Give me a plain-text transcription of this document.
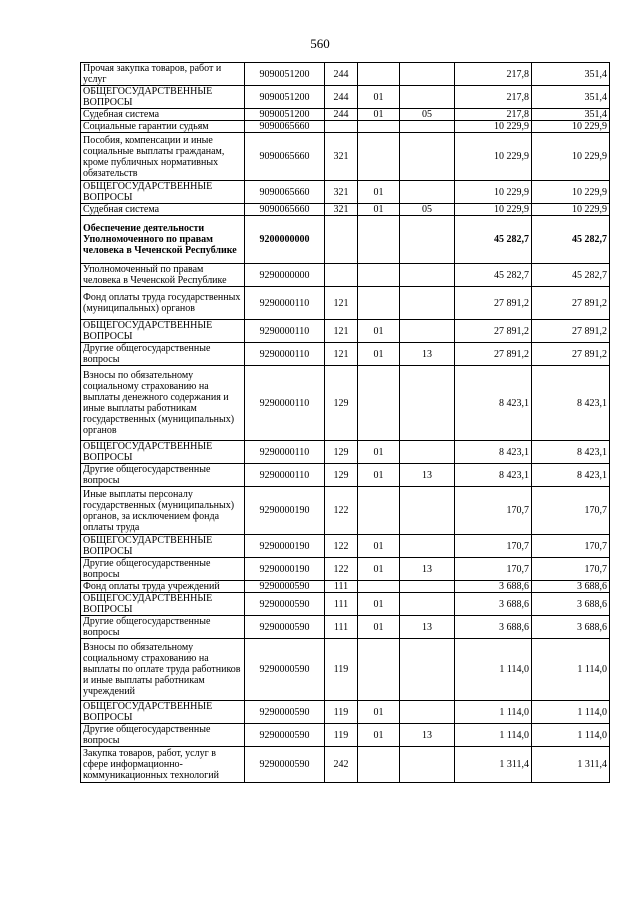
560
Прочая закупка товаров, работ и услуг	9090051200	244			217,8	351,4
ОБЩЕГОСУДАРСТВЕННЫЕ ВОПРОСЫ	9090051200	244	01		217,8	351,4
Судебная система	9090051200	244	01	05	217,8	351,4
Социальные гарантии судьям	9090065660				10 229,9	10 229,9
Пособия, компенсации и иные социальные выплаты гражданам, кроме публичных нормативных обязательств	9090065660	321			10 229,9	10 229,9
ОБЩЕГОСУДАРСТВЕННЫЕ ВОПРОСЫ	9090065660	321	01		10 229,9	10 229,9
Судебная система	9090065660	321	01	05	10 229,9	10 229,9
Обеспечение деятельности Уполномоченного по правам человека в Чеченской Республике	9200000000				45 282,7	45 282,7
Уполномоченный по правам человека в Чеченской Республике	9290000000				45 282,7	45 282,7
Фонд оплаты труда государственных (муниципальных) органов	9290000110	121			27 891,2	27 891,2
ОБЩЕГОСУДАРСТВЕННЫЕ ВОПРОСЫ	9290000110	121	01		27 891,2	27 891,2
Другие общегосударственные вопросы	9290000110	121	01	13	27 891,2	27 891,2
Взносы по обязательному социальному страхованию на выплаты денежного содержания и иные выплаты работникам государственных (муниципальных) органов	9290000110	129			8 423,1	8 423,1
ОБЩЕГОСУДАРСТВЕННЫЕ ВОПРОСЫ	9290000110	129	01		8 423,1	8 423,1
Другие общегосударственные вопросы	9290000110	129	01	13	8 423,1	8 423,1
Иные выплаты персоналу государственных (муниципальных) органов, за исключением фонда оплаты труда	9290000190	122			170,7	170,7
ОБЩЕГОСУДАРСТВЕННЫЕ ВОПРОСЫ	9290000190	122	01		170,7	170,7
Другие общегосударственные вопросы	9290000190	122	01	13	170,7	170,7
Фонд оплаты труда учреждений	9290000590	111			3 688,6	3 688,6
ОБЩЕГОСУДАРСТВЕННЫЕ ВОПРОСЫ	9290000590	111	01		3 688,6	3 688,6
Другие общегосударственные вопросы	9290000590	111	01	13	3 688,6	3 688,6
Взносы по обязательному социальному страхованию на выплаты по оплате труда работников и иные выплаты работникам учреждений	9290000590	119			1 114,0	1 114,0
ОБЩЕГОСУДАРСТВЕННЫЕ ВОПРОСЫ	9290000590	119	01		1 114,0	1 114,0
Другие общегосударственные вопросы	9290000590	119	01	13	1 114,0	1 114,0
Закупка товаров, работ, услуг в сфере информационно-коммуникационных технологий	9290000590	242			1 311,4	1 311,4
